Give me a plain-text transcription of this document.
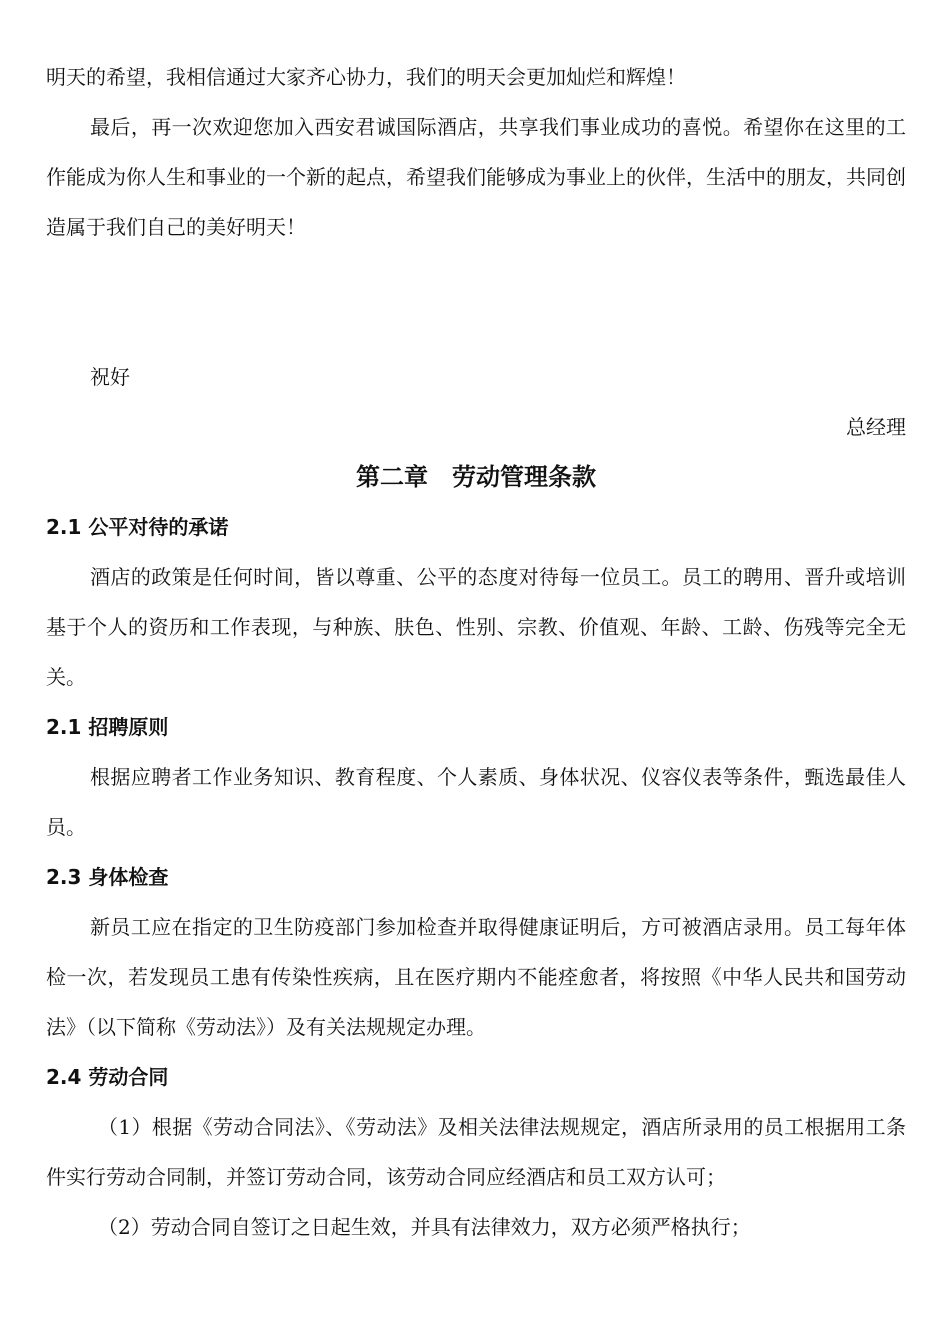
明天的希望，我相信通过大家齐心协力，我们的明天会更加灿烂和辉煌！

最后，再一次欢迎您加入西安君诚国际酒店，共享我们事业成功的喜悦。希望你在这里的工作能成为你人生和事业的一个新的起点，希望我们能够成为事业上的伙伴，生活中的朋友，共同创造属于我们自己的美好明天！

祝好

总经理

第二章　劳动管理条款
2.1 公平对待的承诺

酒店的政策是任何时间，皆以尊重、公平的态度对待每一位员工。员工的聘用、晋升或培训基于个人的资历和工作表现，与种族、肤色、性别、宗教、价值观、年龄、工龄、伤残等完全无关。

2.1 招聘原则

根据应聘者工作业务知识、教育程度、个人素质、身体状况、仪容仪表等条件，甄选最佳人员。

2.3 身体检查

新员工应在指定的卫生防疫部门参加检查并取得健康证明后，方可被酒店录用。员工每年体检一次，若发现员工患有传染性疾病，且在医疗期内不能痊愈者，将按照《中华人民共和国劳动法》（以下简称《劳动法》）及有关法规规定办理。

2.4 劳动合同

（1）根据《劳动合同法》、《劳动法》及相关法律法规规定，酒店所录用的员工根据用工条件实行劳动合同制，并签订劳动合同，该劳动合同应经酒店和员工双方认可；

（2）劳动合同自签订之日起生效，并具有法律效力，双方必须严格执行；
